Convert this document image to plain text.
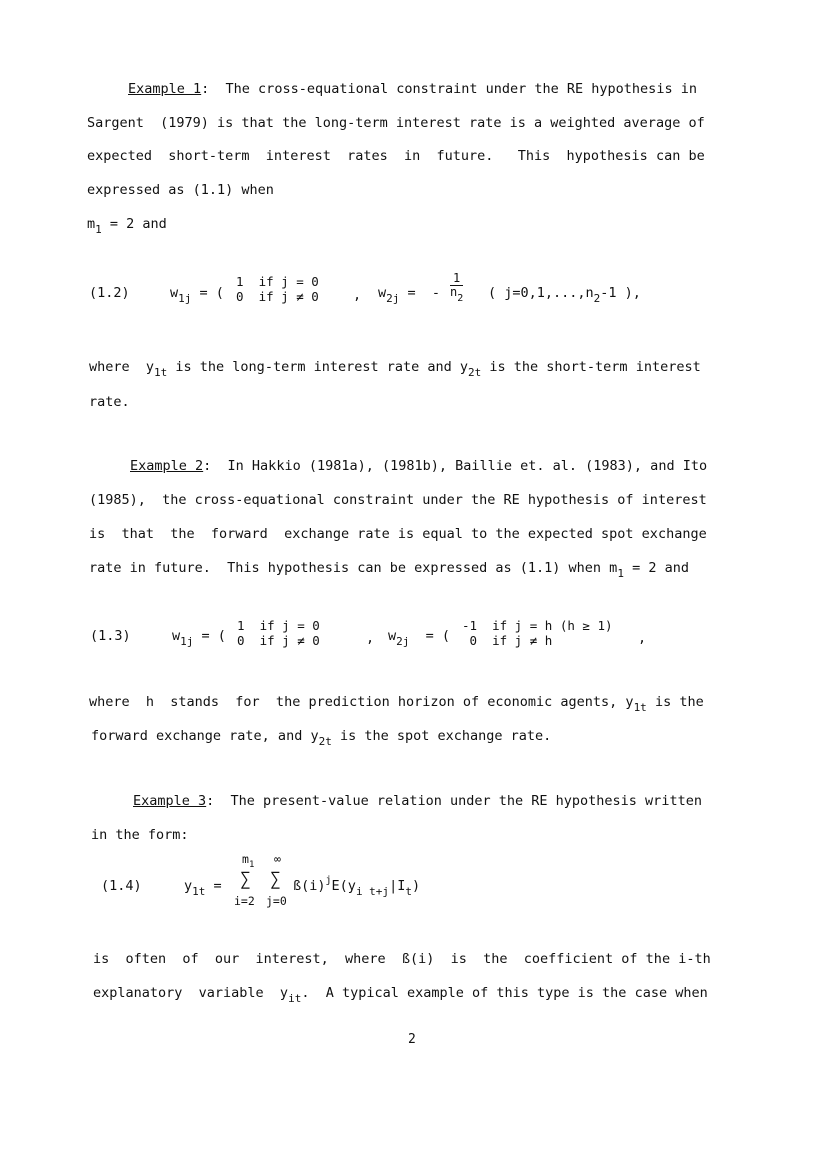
Example 1:  The cross-equational constraint under the RE hypothesis in
Sargent  (1979) is that the long-term interest rate is a weighted average of
expected  short-term  interest  rates  in  future.   This  hypothesis can be
expressed as (1.1) when
$m_1 = 2$ and
(1.2)	$w_{1j}$ = (
1  if j = 0
0  if j ≠ 0	, $w_{2j}$ =  - $\frac{1}{n_2}$ ( $j=0,1,...,n_2-1$ ),
where  $y_{1t}$ is the long-term interest rate and $y_{2t}$ is the short-term interest
rate.
Example 2:  In Hakkio (1981a), (1981b), Baillie et. al. (1983), and Ito
(1985),  the cross-equational constraint under the RE hypothesis of interest
is  that  the  forward  exchange rate is equal to the expected spot exchange
rate in future.  This hypothesis can be expressed as (1.1) when $m_1 = 2$ and
(1.3)	$w_{1j}$ = (
1  if j = 0
0  if j ≠ 0	, $w_{2j}$  = (
-1  if j = h (h ≥ 1)
0  if j ≠ h	,
where  h  stands  for  the prediction horizon of economic agents, $y_{1t}$ is the
forward exchange rate, and $y_{2t}$ is the spot exchange rate.
Example 3:  The present-value relation under the RE hypothesis written
in the form:
(1.4)	$y_{1t}$ =
$m_1$
∑
i=2
∞
∑
j=0
$ß(i)^jE(y_{i t+j}|I_t)$
is  often  of  our  interest,  where  ß(i)  is  the  coefficient of the i-th
explanatory  variable  $y_{it}$.  A typical example of this type is the case when
2
